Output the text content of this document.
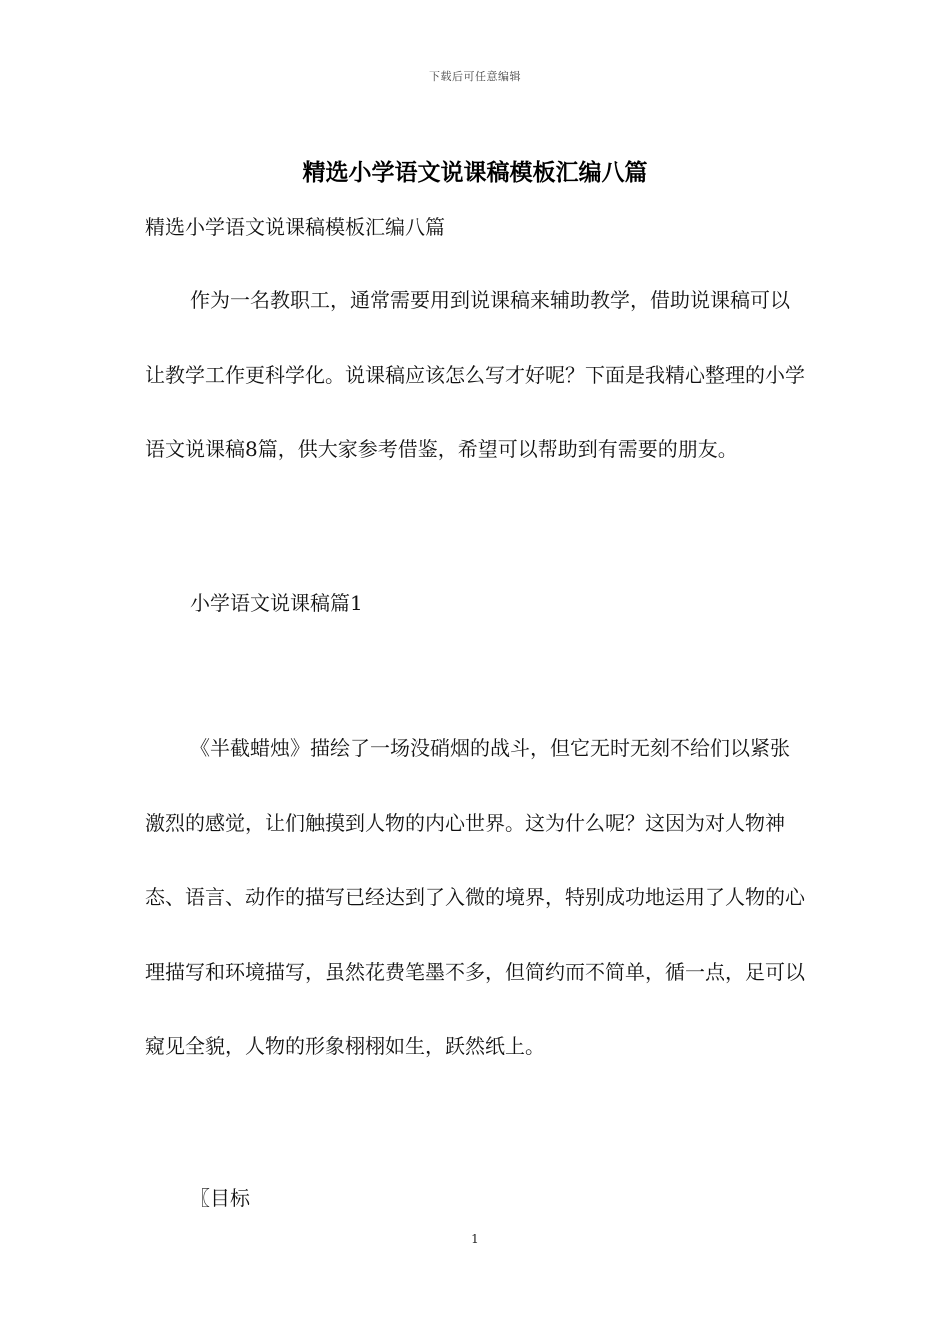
下载后可任意编辑
精选小学语文说课稿模板汇编八篇
精选小学语文说课稿模板汇编八篇

作为一名教职工，通常需要用到说课稿来辅助教学，借助说课稿可以让教学工作更科学化。说课稿应该怎么写才好呢？下面是我精心整理的小学语文说课稿8篇，供大家参考借鉴，希望可以帮助到有需要的朋友。

小学语文说课稿篇1

《半截蜡烛》描绘了一场没硝烟的战斗，但它无时无刻不给们以紧张激烈的感觉，让们触摸到人物的内心世界。这为什么呢？这因为对人物神态、语言、动作的描写已经达到了入微的境界，特别成功地运用了人物的心理描写和环境描写，虽然花费笔墨不多，但简约而不简单，循一点，足可以窥见全貌，人物的形象栩栩如生，跃然纸上。

〖目标
1
